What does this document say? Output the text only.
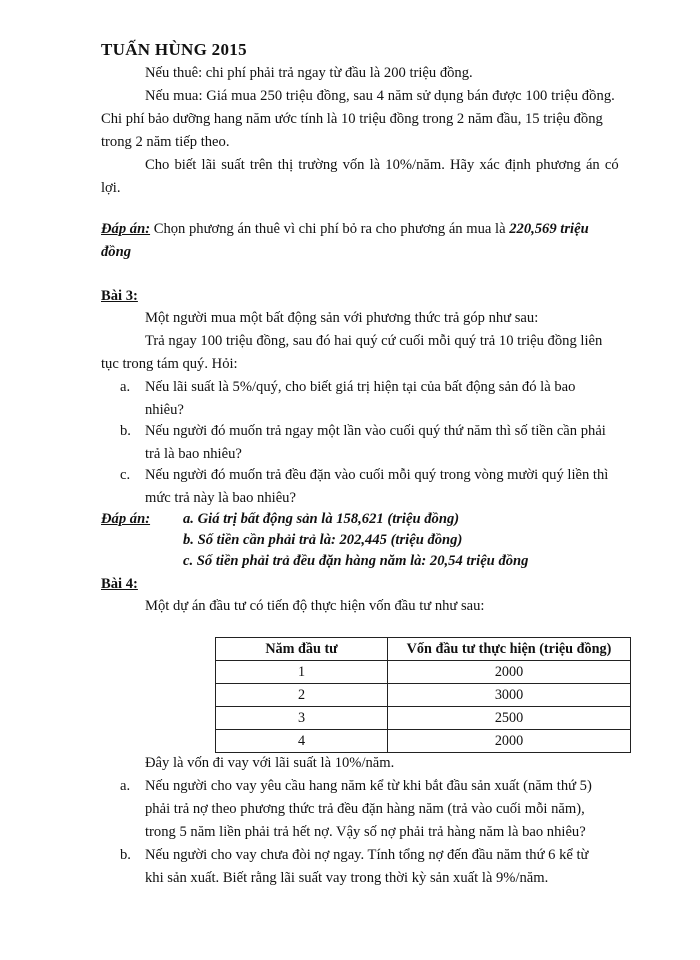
TUẤN HÙNG 2015
Nếu thuê: chi phí phải trả ngay từ đầu là 200 triệu đồng.
Nếu mua: Giá mua 250 triệu đồng, sau 4 năm sử dụng bán được 100 triệu đồng.
Chi phí bảo dưỡng hang năm ước tính là 10 triệu đồng trong 2 năm đầu, 15 triệu đồng
trong 2 năm tiếp theo.
Cho biết lãi suất trên thị trường vốn là 10%/năm. Hãy xác định phương án có
lợi.
Đáp án: Chọn phương án thuê vì chi phí bỏ ra cho phương án mua là 220,569 triệu
đồng
Bài 3:
Một người mua một bất động sản với phương thức trả góp như sau:
Trả ngay 100 triệu đồng, sau đó hai quý cứ cuối mỗi quý trả 10 triệu đồng liên
tục trong tám quý. Hỏi:
a. Nếu lãi suất là 5%/quý, cho biết giá trị hiện tại của bất động sản đó là bao
nhiêu?
b. Nếu người đó muốn trả ngay một lần vào cuối quý thứ năm thì số tiền cần phải
trả là bao nhiêu?
c. Nếu người đó muốn trả đều đặn vào cuối mỗi quý trong vòng mười quý liền thì
mức trả này là bao nhiêu?
Đáp án: a. Giá trị bất động sản là 158,621 (triệu đồng)
b. Số tiền cần phải trả là: 202,445 (triệu đồng)
c. Số tiền phải trả đều đặn hàng năm là: 20,54 triệu đồng
Bài 4:
Một dự án đầu tư có tiến độ thực hiện vốn đầu tư như sau:
Năm đầu tư	Vốn đầu tư thực hiện (triệu đồng)
1	2000
2	3000
3	2500
4	2000
Đây là vốn đi vay với lãi suất là 10%/năm.
a. Nếu người cho vay yêu cầu hang năm kể từ khi bắt đầu sản xuất (năm thứ 5)
phải trả nợ theo phương thức trả đều đặn hàng năm (trả vào cuối mỗi năm),
trong 5 năm liền phải trả hết nợ. Vậy số nợ phải trả hàng năm là bao nhiêu?
b. Nếu người cho vay chưa đòi nợ ngay. Tính tổng nợ đến đầu năm thứ 6 kể từ
khi sản xuất. Biết rằng lãi suất vay trong thời kỳ sản xuất là 9%/năm.
